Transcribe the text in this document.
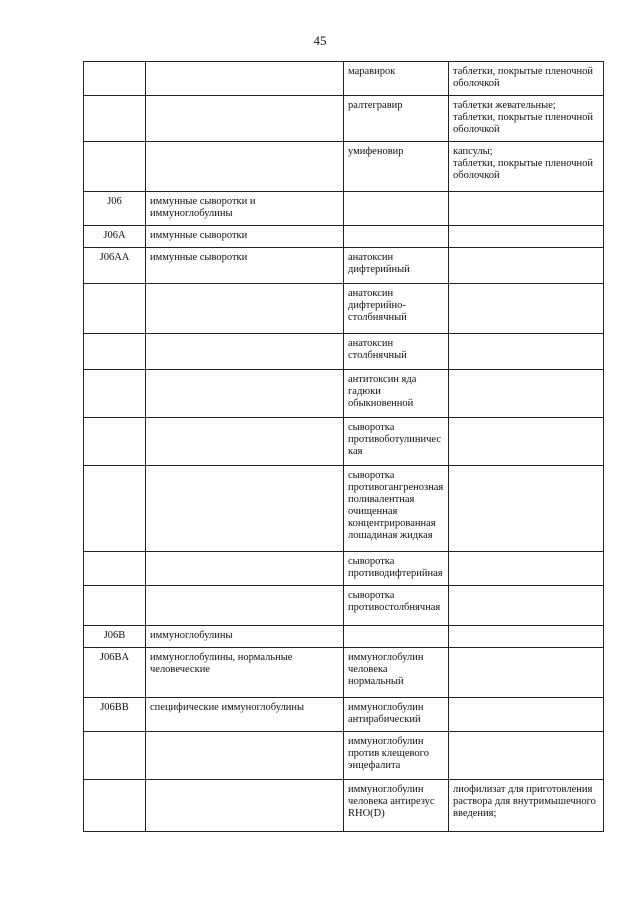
45
		маравирок	таблетки, покрытые пленочной оболочкой
		ралтегравир	таблетки жевательные;
таблетки, покрытые пленочной оболочкой
		умифеновир	капсулы;
таблетки, покрытые пленочной оболочкой
J06	иммунные сыворотки и иммуноглобулины		
J06A	иммунные сыворотки		
J06AA	иммунные сыворотки	анатоксин дифтерийный	
		анатоксин дифтерийно-столбнячный	
		анатоксин столбнячный	
		антитоксин яда гадюки обыкновенной	
		сыворотка противоботулиничес кая	
		сыворотка противогангренозная поливалентная очищенная концентрированная лошадиная жидкая	
		сыворотка противодифтерийная	
		сыворотка противостолбнячная	
J06B	иммуноглобулины		
J06BA	иммуноглобулины, нормальные человеческие	иммуноглобулин человека нормальный	
J06BB	специфические иммуноглобулины	иммуноглобулин антирабический	
		иммуноглобулин против клещевого энцефалита	
		иммуноглобулин человека антирезус RHO(D)	лиофилизат для приготовления раствора для внутримышечного введения;
